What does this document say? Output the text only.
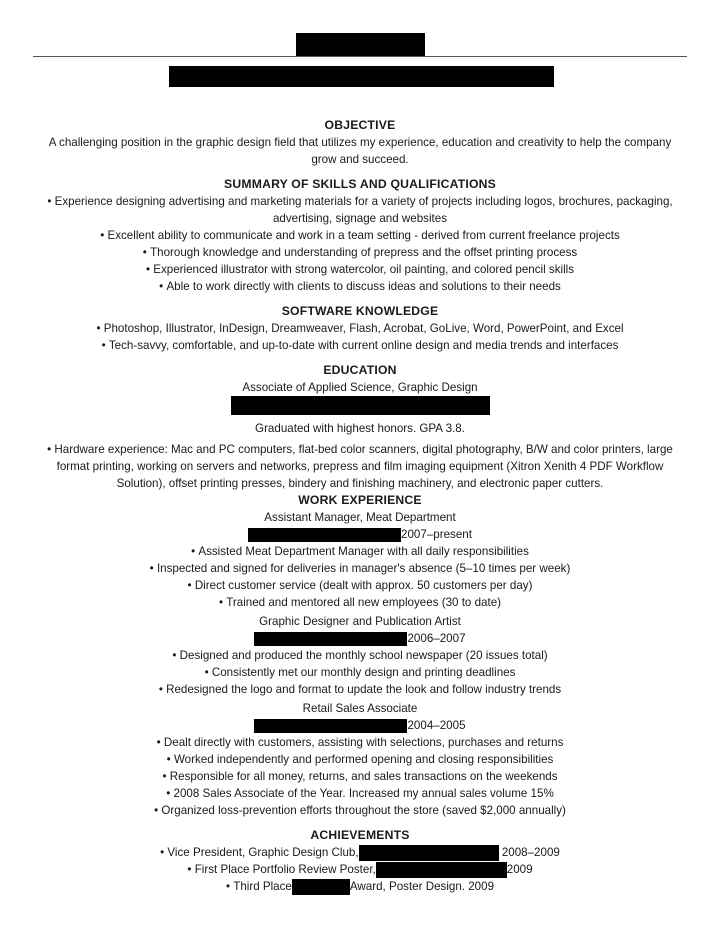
OBJECTIVE

A challenging position in the graphic design field that utilizes my experience, education and creativity to help the company grow and succeed.

SUMMARY OF SKILLS AND QUALIFICATIONS
• Experience designing advertising and marketing materials for a variety of projects including logos, brochures, packaging, advertising, signage and websites
• Excellent ability to communicate and work in a team setting - derived from current freelance projects
• Thorough knowledge and understanding of prepress and the offset printing process
• Experienced illustrator with strong watercolor, oil painting, and colored pencil skills
• Able to work directly with clients to discuss ideas and solutions to their needs
SOFTWARE KNOWLEDGE
• Photoshop, Illustrator, InDesign, Dreamweaver, Flash, Acrobat, GoLive, Word, PowerPoint, and Excel
• Tech-savvy, comfortable, and up-to-date with current online design and media trends and interfaces
EDUCATION

Associate of Applied Science, Graphic Design

Graduated with highest honors. GPA 3.8.

• Hardware experience: Mac and PC computers, flat-bed color scanners, digital photography, B/W and color printers, large format printing, working on servers and networks, prepress and film imaging equipment (Xitron Xenith 4 PDF Workflow Solution), offset printing presses, bindery and finishing machinery, and electronic paper cutters.
WORK EXPERIENCE

Assistant Manager, Meat Department

2007–present

• Assisted Meat Department Manager with all daily responsibilities
• Inspected and signed for deliveries in manager's absence (5–10 times per week)
• Direct customer service (dealt with approx. 50 customers per day)
• Trained and mentored all new employees (30 to date)

Graphic Designer and Publication Artist

2006–2007

• Designed and produced the monthly school newspaper (20 issues total)
• Consistently met our monthly design and printing deadlines
• Redesigned the logo and format to update the look and follow industry trends

Retail Sales Associate

2004–2005

• Dealt directly with customers, assisting with selections, purchases and returns
• Worked independently and performed opening and closing responsibilities
• Responsible for all money, returns, and sales transactions on the weekends
• 2008 Sales Associate of the Year. Increased my annual sales volume 15%
• Organized loss-prevention efforts throughout the store (saved $2,000 annually)
ACHIEVEMENTS
• Vice President, Graphic Design Club,	2008–2009
• First Place Portfolio Review Poster,	2009
• Third Place	Award, Poster Design. 2009
